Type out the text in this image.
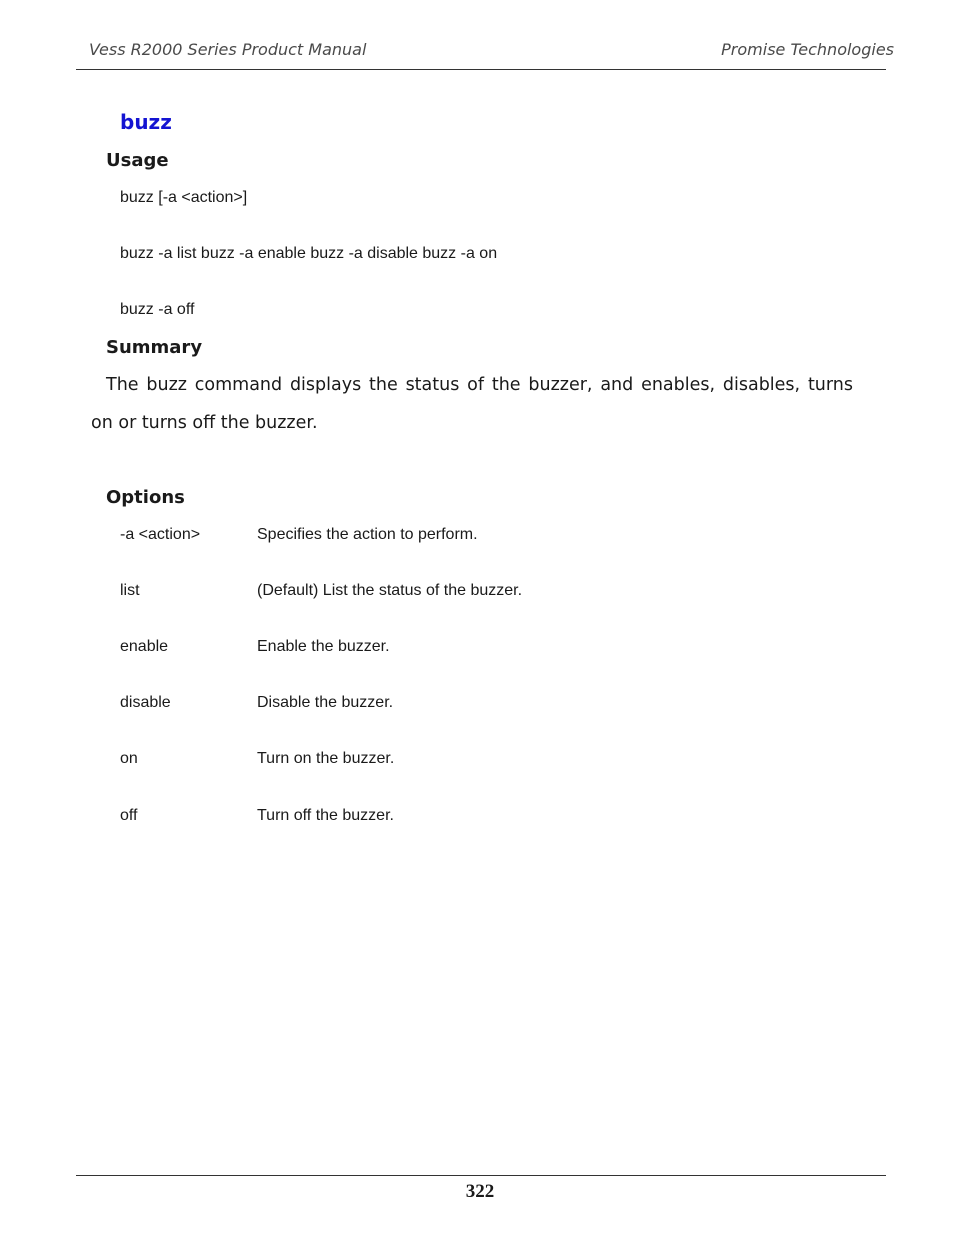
Vess R2000 Series Product Manual	Promise Technologies
buzz
Usage
buzz [-a <action>]
buzz -a list buzz -a enable buzz -a disable buzz -a on
buzz -a off
Summary
The buzz command displays the status of the buzzer, and enables, disables, turns on or turns off the buzzer.
Options
-a <action>	Specifies the action to perform.
list	(Default) List the status of the buzzer.
enable	Enable the buzzer.
disable	Disable the buzzer.
on	Turn on the buzzer.
off	Turn off the buzzer.
322
